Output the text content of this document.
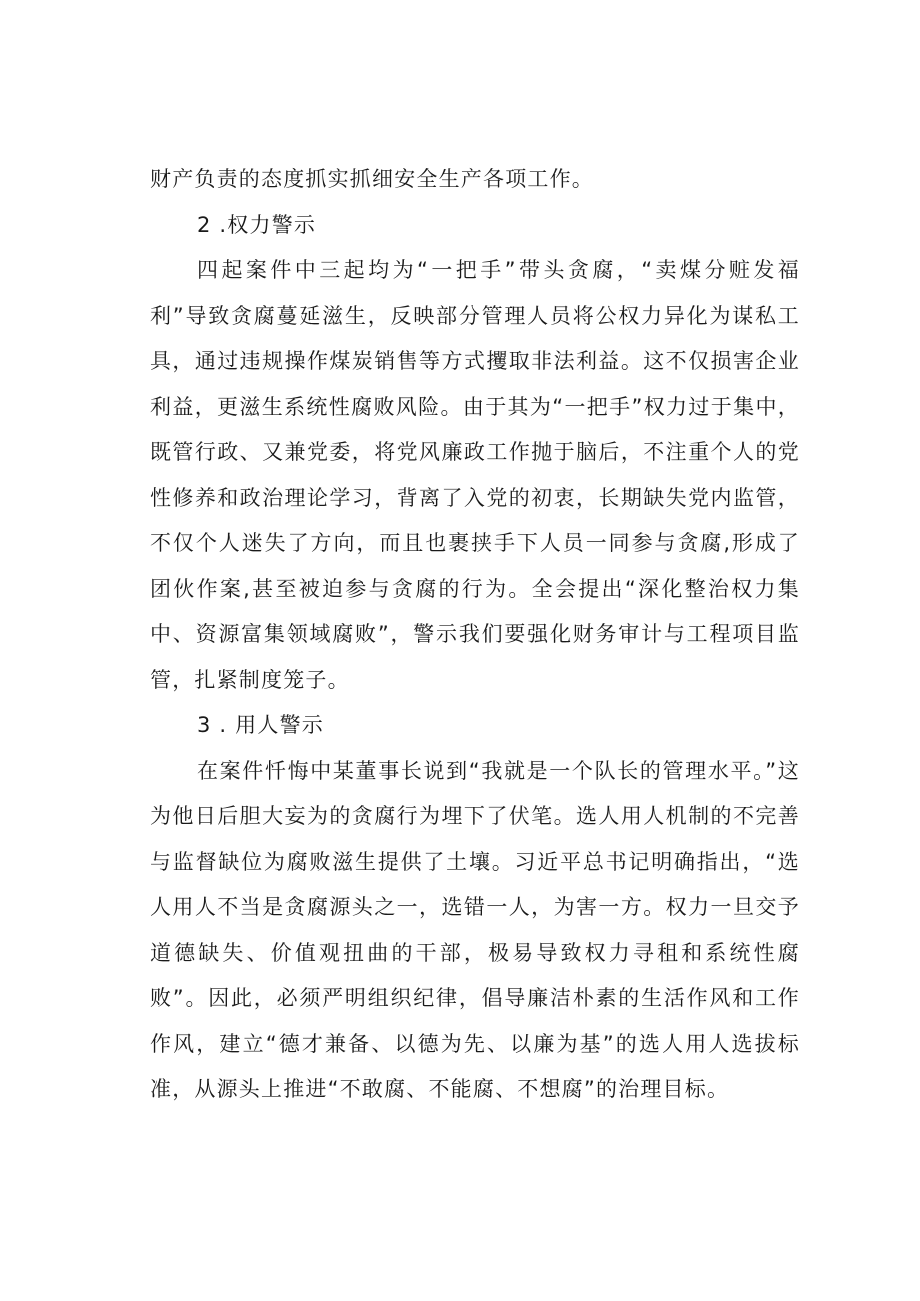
财产负责的态度抓实抓细安全生产各项工作。

2 .权力警示

四起案件中三起均为“一把手”带头贪腐，“卖煤分赃发福利”导致贪腐蔓延滋生，反映部分管理人员将公权力异化为谋私工具，通过违规操作煤炭销售等方式攫取非法利益。这不仅损害企业利益，更滋生系统性腐败风险。由于其为“一把手”权力过于集中，既管行政、又兼党委，将党风廉政工作抛于脑后，不注重个人的党性修养和政治理论学习，背离了入党的初衷，长期缺失党内监管，不仅个人迷失了方向，而且也裹挟手下人员一同参与贪腐,形成了团伙作案,甚至被迫参与贪腐的行为。全会提出“深化整治权力集中、资源富集领域腐败”，警示我们要强化财务审计与工程项目监管，扎紧制度笼子。

3 . 用人警示

在案件忏悔中某董事长说到“我就是一个队长的管理水平。”这为他日后胆大妄为的贪腐行为埋下了伏笔。选人用人机制的不完善与监督缺位为腐败滋生提供了土壤。习近平总书记明确指出，“选人用人不当是贪腐源头之一，选错一人，为害一方。权力一旦交予道德缺失、价值观扭曲的干部，极易导致权力寻租和系统性腐败”。因此，必须严明组织纪律，倡导廉洁朴素的生活作风和工作作风，建立“德才兼备、以德为先、以廉为基”的选人用人选拔标准，从源头上推进“不敢腐、不能腐、不想腐”的治理目标。
